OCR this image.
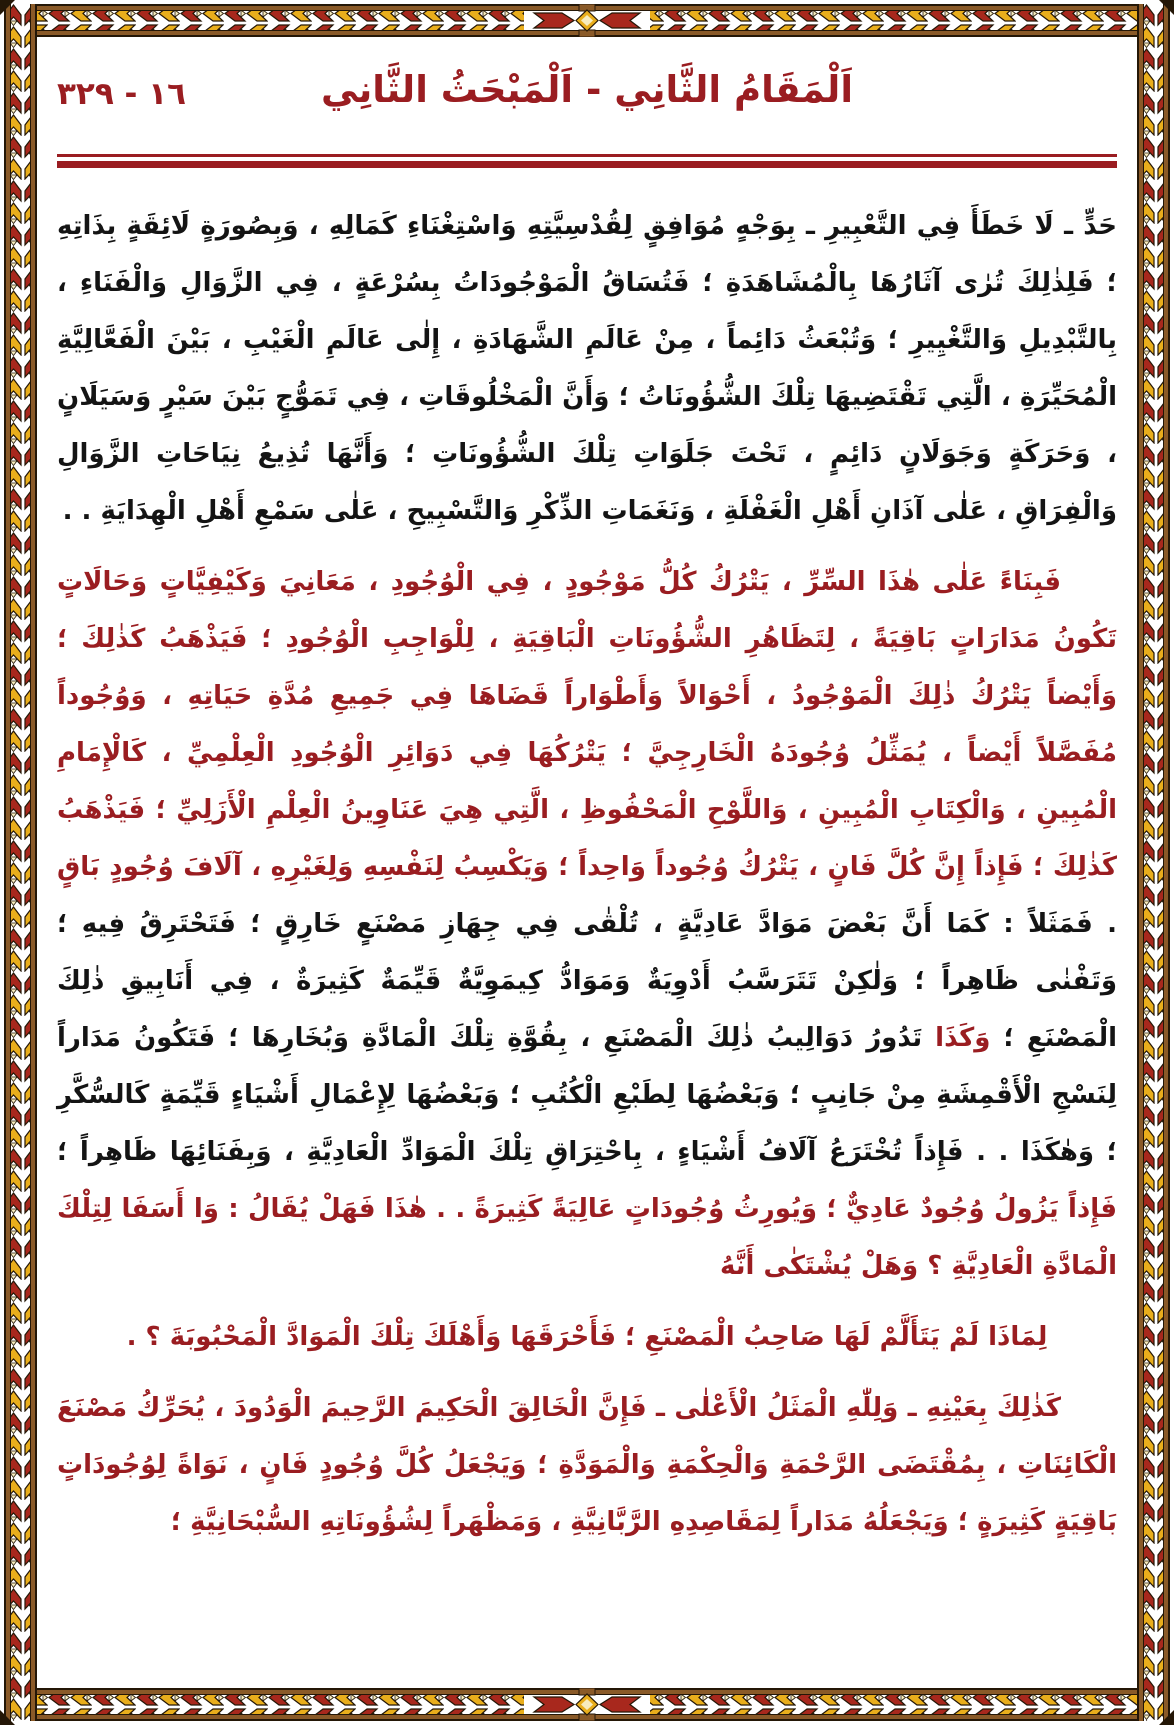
١٦ - ٣٢٩	اَلْمَقَامُ الثَّانِي - اَلْمَبْحَثُ الثَّانِي
حَدٍّ ـ لَا خَطَأَ فِي التَّعْبِيرِ ـ بِوَجْهٍ مُوَافِقٍ لِقُدْسِيَّتِهِ وَاسْتِغْنَاءِ كَمَالِهِ ، وَبِصُورَةٍ لَائِقَةٍ بِذَاتِهِ ؛ فَلِذٰلِكَ تُرٰى آثَارُهَا بِالْمُشَاهَدَةِ ؛ فَتُسَاقُ الْمَوْجُودَاتُ بِسُرْعَةٍ ، فِي الزَّوَالِ وَالْفَنَاءِ ، بِالتَّبْدِيلِ وَالتَّغْيِيرِ ؛ وَتُبْعَثُ دَائِماً ، مِنْ عَالَمِ الشَّهَادَةِ ، إِلٰى عَالَمِ الْغَيْبِ ، بَيْنَ الْفَعَّالِيَّةِ الْمُحَيِّرَةِ ، الَّتِي تَقْتَضِيهَا تِلْكَ الشُّؤُونَاتُ ؛ وَأَنَّ الْمَخْلُوقَاتِ ، فِي تَمَوُّجٍ بَيْنَ سَيْرٍ وَسَيَلَانٍ ، وَحَرَكَةٍ وَجَوَلَانٍ دَائِمٍ ، تَحْتَ جَلَوَاتِ تِلْكَ الشُّؤُونَاتِ ؛ وَأَنَّهَا تُذِيعُ نِيَاحَاتِ الزَّوَالِ وَالْفِرَاقِ ، عَلٰى آذَانِ أَهْلِ الْغَفْلَةِ ، وَنَغَمَاتِ الذِّكْرِ وَالتَّسْبِيحِ ، عَلٰى سَمْعِ أَهْلِ الْهِدَايَةِ . .
فَبِنَاءً عَلٰى هٰذَا السِّرِّ ، يَتْرُكُ كُلُّ مَوْجُودٍ ، فِي الْوُجُودِ ، مَعَانِيَ وَكَيْفِيَّاتٍ وَحَالَاتٍ تَكُونُ مَدَارَاتٍ بَاقِيَةً ، لِتَظَاهُرِ الشُّؤُونَاتِ الْبَاقِيَةِ ، لِلْوَاجِبِ الْوُجُودِ ؛ فَيَذْهَبُ كَذٰلِكَ ؛ وَأَيْضاً يَتْرُكُ ذٰلِكَ الْمَوْجُودُ ، أَحْوَالاً وَأَطْوَاراً قَضَاهَا فِي جَمِيعِ مُدَّةِ حَيَاتِهِ ، وَوُجُوداً مُفَصَّلاً أَيْضاً ، يُمَثِّلُ وُجُودَهُ الْخَارِجِيَّ ؛ يَتْرُكُهَا فِي دَوَائِرِ الْوُجُودِ الْعِلْمِيِّ ، كَالْإِمَامِ الْمُبِينِ ، وَالْكِتَابِ الْمُبِينِ ، وَاللَّوْحِ الْمَحْفُوظِ ، الَّتِي هِيَ عَنَاوِينُ الْعِلْمِ الْأَزَلِيِّ ؛ فَيَذْهَبُ كَذٰلِكَ ؛ فَإِذاً إِنَّ كُلَّ فَانٍ ، يَتْرُكُ وُجُوداً وَاحِداً ؛ وَيَكْسِبُ لِنَفْسِهِ وَلِغَيْرِهِ ، آلَافَ وُجُودٍ بَاقٍ . فَمَثَلاً : كَمَا أَنَّ بَعْضَ مَوَادَّ عَادِيَّةٍ ، تُلْقٰى فِي جِهَازِ مَصْنَعٍ خَارِقٍ ؛ فَتَحْتَرِقُ فِيهِ ؛ وَتَفْنٰى ظَاهِراً ؛ وَلٰكِنْ تَتَرَسَّبُ أَدْوِيَةٌ وَمَوَادُّ كِيمَوِيَّةٌ قَيِّمَةٌ كَثِيرَةٌ ، فِي أَنَابِيقِ ذٰلِكَ الْمَصْنَعِ ؛ وَكَذَا تَدُورُ دَوَالِيبُ ذٰلِكَ الْمَصْنَعِ ، بِقُوَّةِ تِلْكَ الْمَادَّةِ وَبُخَارِهَا ؛ فَتَكُونُ مَدَاراً لِنَسْجِ الْأَقْمِشَةِ مِنْ جَانِبٍ ؛ وَبَعْضُهَا لِطَبْعِ الْكُتُبِ ؛ وَبَعْضُهَا لِإِعْمَالِ أَشْيَاءٍ قَيِّمَةٍ كَالسُّكَّرِ ؛ وَهٰكَذَا . . فَإِذاً تُخْتَرَعُ آلَافُ أَشْيَاءٍ ، بِاحْتِرَاقِ تِلْكَ الْمَوَادِّ الْعَادِيَّةِ ، وَبِفَنَائِهَا ظَاهِراً ؛ فَإِذاً يَزُولُ وُجُودٌ عَادِيٌّ ؛ وَيُورِثُ وُجُودَاتٍ عَالِيَةً كَثِيرَةً . . هٰذَا فَهَلْ يُقَالُ : وَا أَسَفَا لِتِلْكَ الْمَادَّةِ الْعَادِيَّةِ ؟ وَهَلْ يُشْتَكٰى أَنَّهُ
لِمَاذَا لَمْ يَتَأَلَّمْ لَهَا صَاحِبُ الْمَصْنَعِ ؛ فَأَحْرَقَهَا وَأَهْلَكَ تِلْكَ الْمَوَادَّ الْمَحْبُوبَةَ ؟ .
كَذٰلِكَ بِعَيْنِهِ ـ وَلِلّٰهِ الْمَثَلُ الْأَعْلٰى ـ فَإِنَّ الْخَالِقَ الْحَكِيمَ الرَّحِيمَ الْوَدُودَ ، يُحَرِّكُ مَصْنَعَ الْكَائِنَاتِ ، بِمُقْتَضَى الرَّحْمَةِ وَالْحِكْمَةِ وَالْمَوَدَّةِ ؛ وَيَجْعَلُ كُلَّ وُجُودٍ فَانٍ ، نَوَاةً لِوُجُودَاتٍ بَاقِيَةٍ كَثِيرَةٍ ؛ وَيَجْعَلُهُ مَدَاراً لِمَقَاصِدِهِ الرَّبَّانِيَّةِ ، وَمَظْهَراً لِشُؤُونَاتِهِ السُّبْحَانِيَّةِ ؛
